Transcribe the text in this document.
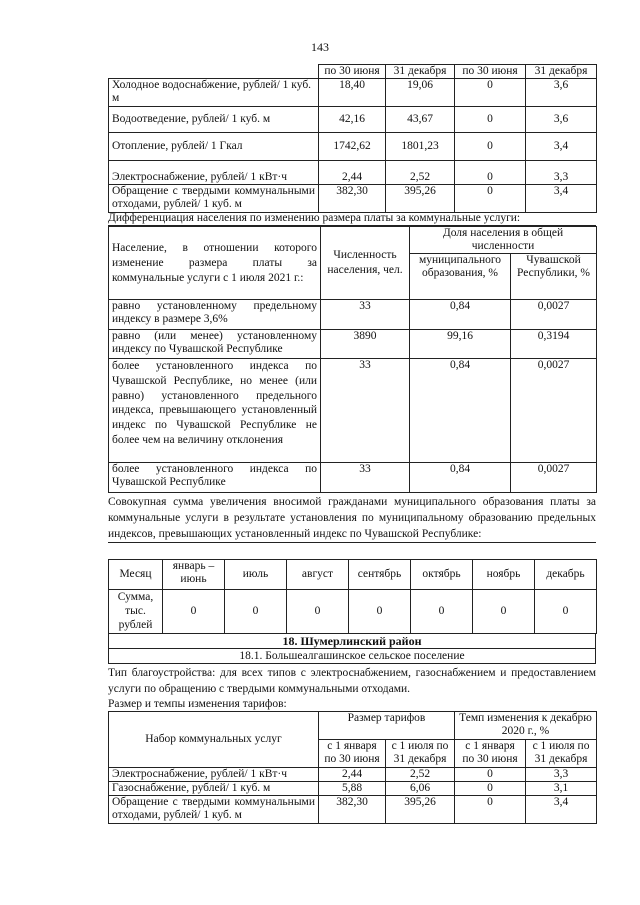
143
	по 30 июня	31 декабря	по 30 июня	31 декабря
Холодное водоснабжение, рублей/ 1 куб. м	18,40	19,06	0	3,6
Водоотведение, рублей/ 1 куб. м	42,16	43,67	0	3,6
Отопление, рублей/ 1 Гкал	1742,62	1801,23	0	3,4
Электроснабжение, рублей/ 1 кВт·ч	2,44	2,52	0	3,3
Обращение с твердыми коммунальными отходами, рублей/ 1 куб. м	382,30	395,26	0	3,4
Дифференциация населения по изменению размера платы за коммунальные услуги:
Население, в отношении которого изменение размера платы за коммунальные услуги с 1 июля 2021 г.:	Численность населения, чел.	Доля населения в общей численности	
		муниципального образования, %	Чувашской Республики, %
равно установленному предельному индексу в размере 3,6%	33	0,84	0,0027
равно (или менее) установленному индексу по Чувашской Республике	3890	99,16	0,3194
более установленного индекса по Чувашской Республике, но менее (или равно) установленного предельного индекса, превышающего установленный индекс по Чувашской Республике не более чем на величину отклонения	33	0,84	0,0027
более установленного индекса по Чувашской Республике	33	0,84	0,0027

Совокупная сумма увеличения вносимой гражданами муниципального образования платы за коммунальные услуги в результате установления по муниципальному образованию предельных индексов, превышающих установленный индекс по Чувашской Республике:

Месяц	январь – июнь	июль	август	сентябрь	октябрь	ноябрь	декабрь
Сумма, тыс. рублей	0	0	0	0	0	0	0
18. Шумерлинский район
18.1. Большеалгашинское сельское поселение

Тип благоустройства: для всех типов с электроснабжением, газоснабжением и предоставлением услуги по обращению с твердыми коммунальными отходами.

Размер и темпы изменения тарифов:
Набор коммунальных услуг	Размер тарифов		Темп изменения к декабрю 2020 г., %	
	с 1 января по 30 июня	с 1 июля по 31 декабря	с 1 января по 30 июня	с 1 июля по 31 декабря
Электроснабжение, рублей/ 1 кВт·ч	2,44	2,52	0	3,3
Газоснабжение, рублей/ 1 куб. м	5,88	6,06	0	3,1
Обращение с твердыми коммунальными отходами, рублей/ 1 куб. м	382,30	395,26	0	3,4
